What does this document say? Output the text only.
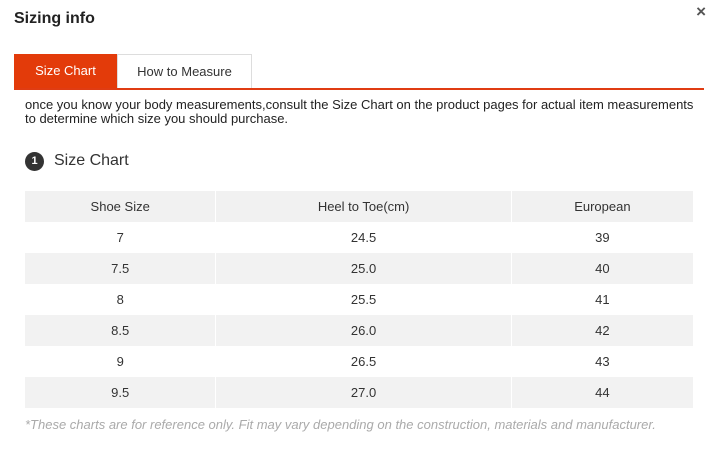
Sizing info	×
Size Chart	How to Measure
once you know your body measurements,consult the Size Chart on the product pages for actual item measurements to determine which size you should purchase.
1	Size Chart
Shoe Size	Heel to Toe(cm)	European
7	24.5	39
7.5	25.0	40
8	25.5	41
8.5	26.0	42
9	26.5	43
9.5	27.0	44
*These charts are for reference only. Fit may vary depending on the construction, materials and manufacturer.
